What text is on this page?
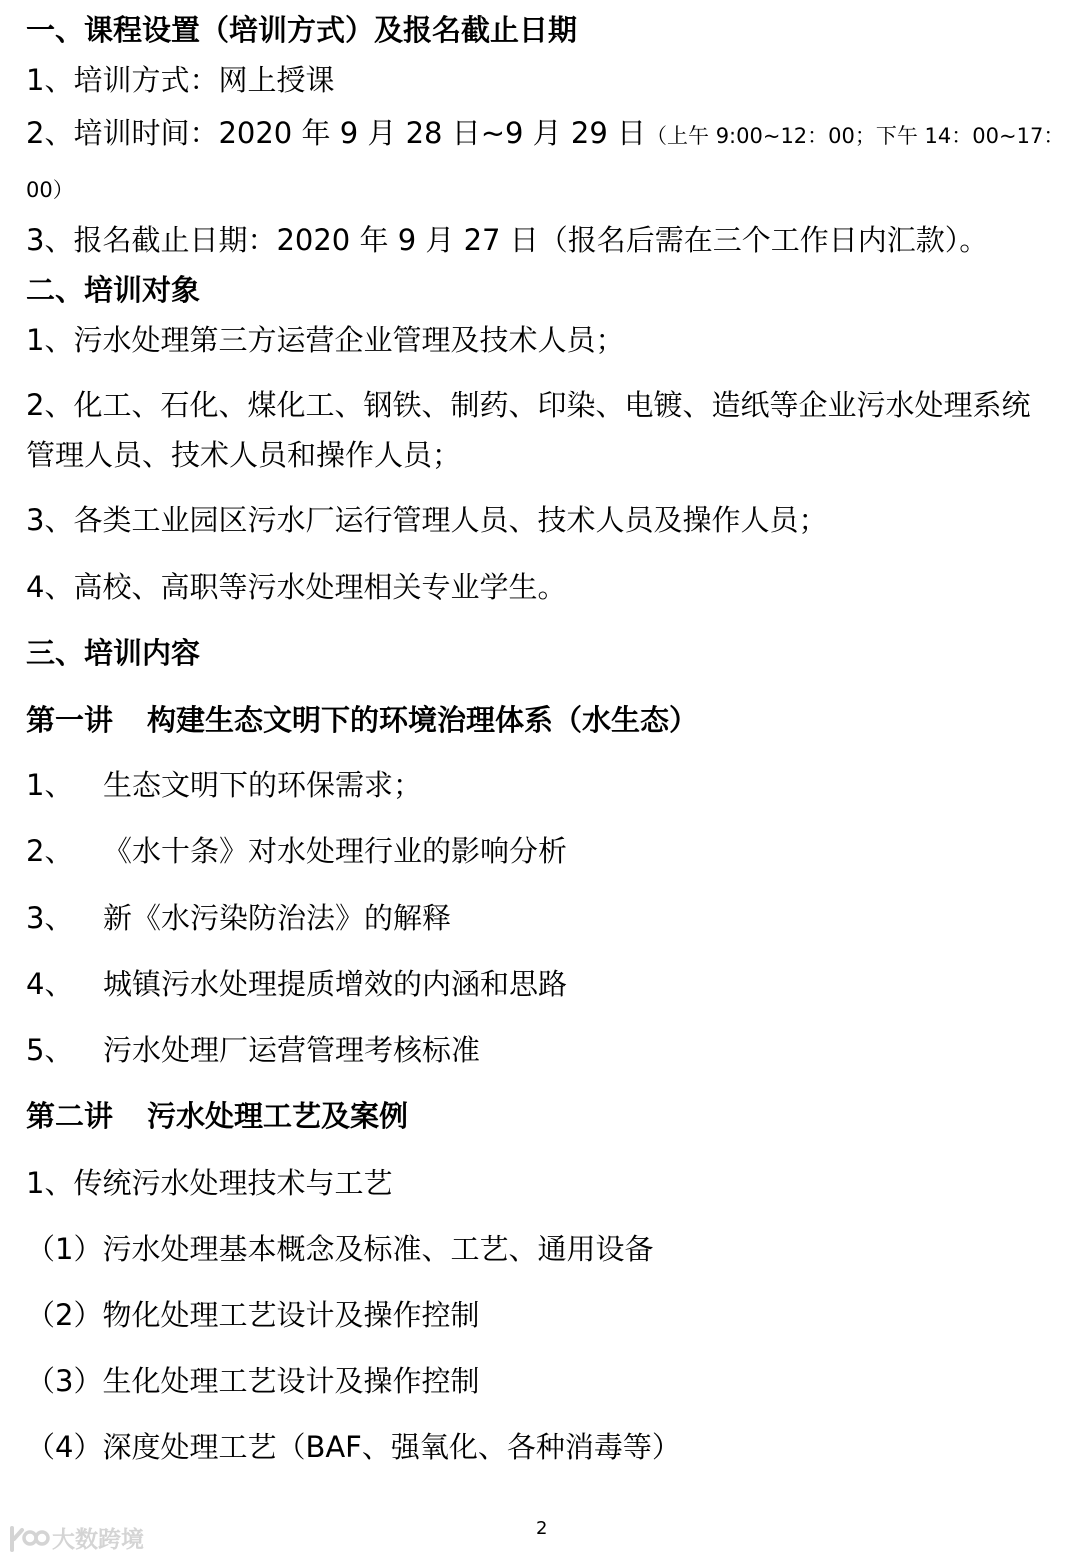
一、课程设置（培训方式）及报名截止日期
1、培训方式：网上授课
2、培训时间：2020 年 9 月 28 日~9 月 29 日（上午 9:00~12：00；下午 14：00~17：
00）
3、报名截止日期：2020 年 9 月 27 日（报名后需在三个工作日内汇款）。
二、培训对象
1、污水处理第三方运营企业管理及技术人员；
2、化工、石化、煤化工、钢铁、制药、印染、电镀、造纸等企业污水处理系统
管理人员、技术人员和操作人员；
3、各类工业园区污水厂运行管理人员、技术人员及操作人员；
4、高校、高职等污水处理相关专业学生。
三、培训内容
第一讲 构建生态文明下的环境治理体系（水生态）
1、 生态文明下的环保需求；
2、 《水十条》对水处理行业的影响分析
3、 新《水污染防治法》的解释
4、 城镇污水处理提质增效的内涵和思路
5、 污水处理厂运营管理考核标准
第二讲 污水处理工艺及案例
1、传统污水处理技术与工艺
（1）污水处理基本概念及标准、工艺、通用设备
（2）物化处理工艺设计及操作控制
（3）生化处理工艺设计及操作控制
（4）深度处理工艺（BAF、强氧化、各种消毒等）
2
大数跨境
